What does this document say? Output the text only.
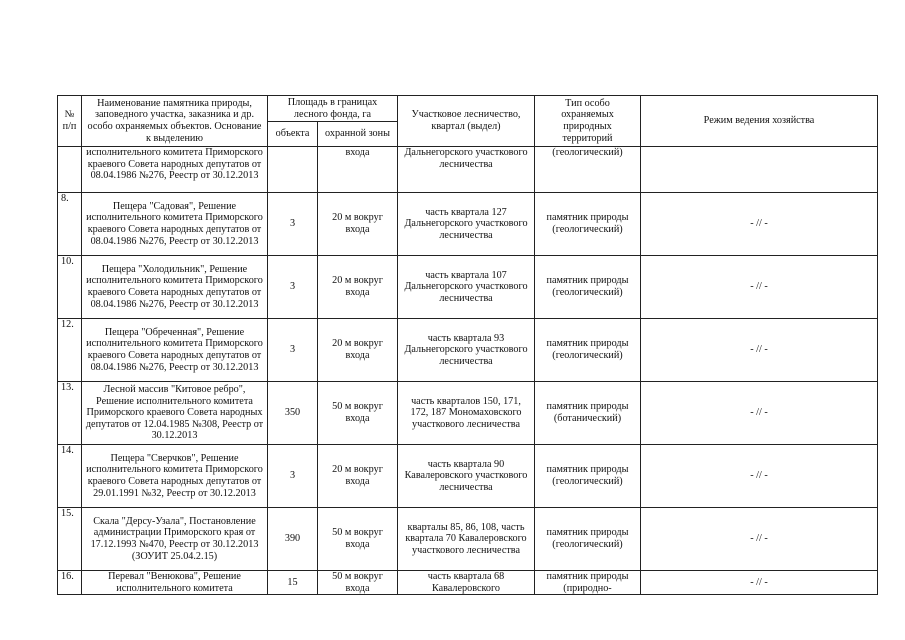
№ п/п	Наименование памятника природы, заповедного участка, заказника и др. особо охраняемых объектов. Основание к выделению	Площадь в границах лесного фонда, га		Участковое лесничество, квартал (выдел)	Тип особо охраняемых природных территорий	Режим ведения хозяйства
		объекта	охранной зоны			
	исполнительного комитета Приморского краевого Совета народных депутатов от 08.04.1986 №276, Реестр от 30.12.2013		входа	Дальнегорского участкового лесничества	(геологический)	
8.	Пещера "Садовая", Решение исполнительного комитета Приморского краевого Совета народных депутатов от 08.04.1986 №276, Реестр от 30.12.2013	3	20 м вокруг входа	часть квартала 127 Дальнегорского участкового лесничества	памятник природы (геологический)	- // -
10.	Пещера "Холодильник", Решение исполнительного комитета Приморского краевого Совета народных депутатов от 08.04.1986 №276, Реестр от 30.12.2013	3	20 м вокруг входа	часть квартала 107 Дальнегорского участкового лесничества	памятник природы (геологический)	- // -
12.	Пещера "Обреченная", Решение исполнительного комитета Приморского краевого Совета народных депутатов от 08.04.1986 №276, Реестр от 30.12.2013	3	20 м вокруг входа	часть квартала 93 Дальнегорского участкового лесничества	памятник природы (геологический)	- // -
13.	Лесной массив "Китовое ребро", Решение исполнительного комитета Приморского краевого Совета народных депутатов от 12.04.1985 №308, Реестр от 30.12.2013	350	50 м вокруг входа	часть кварталов 150, 171, 172, 187 Мономаховского участкового лесничества	памятник природы (ботанический)	- // -
14.	Пещера "Сверчков", Решение исполнительного комитета Приморского краевого Совета народных депутатов от 29.01.1991 №32, Реестр от 30.12.2013	3	20 м вокруг входа	часть квартала 90 Кавалеровского участкового лесничества	памятник природы (геологический)	- // -
15.	Скала "Дерсу-Узала", Постановление администрации Приморского края от 17.12.1993 №470, Реестр от 30.12.2013 (ЗОУИТ 25.04.2.15)	390	50 м вокруг входа	кварталы 85, 86, 108, часть квартала 70 Кавалеровского участкового лесничества	памятник природы (геологический)	- // -
16.	Перевал "Венюкова", Решение исполнительного комитета	15	50 м вокруг входа	часть квартала 68 Кавалеровского	памятник природы (природно-	- // -
